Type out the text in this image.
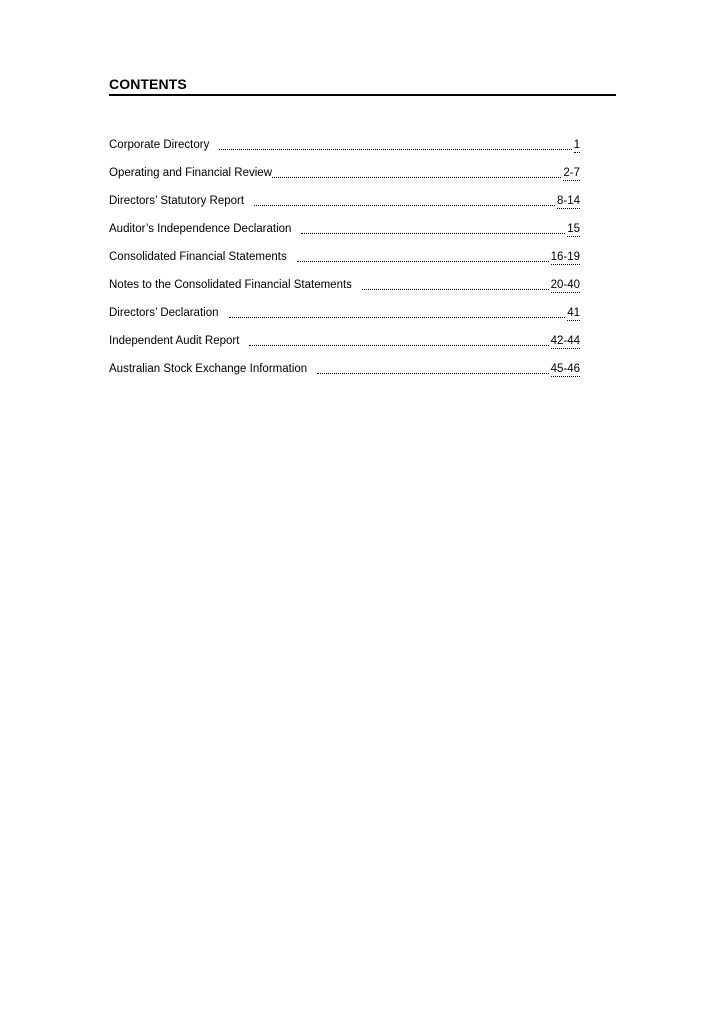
CONTENTS
Corporate Directory	1
Operating and Financial Review	2-7
Directors’ Statutory Report	8-14
Auditor’s Independence Declaration	15
Consolidated Financial Statements	16-19
Notes to the Consolidated Financial Statements	20-40
Directors’ Declaration	41
Independent Audit Report	42-44
Australian Stock Exchange Information	45-46
